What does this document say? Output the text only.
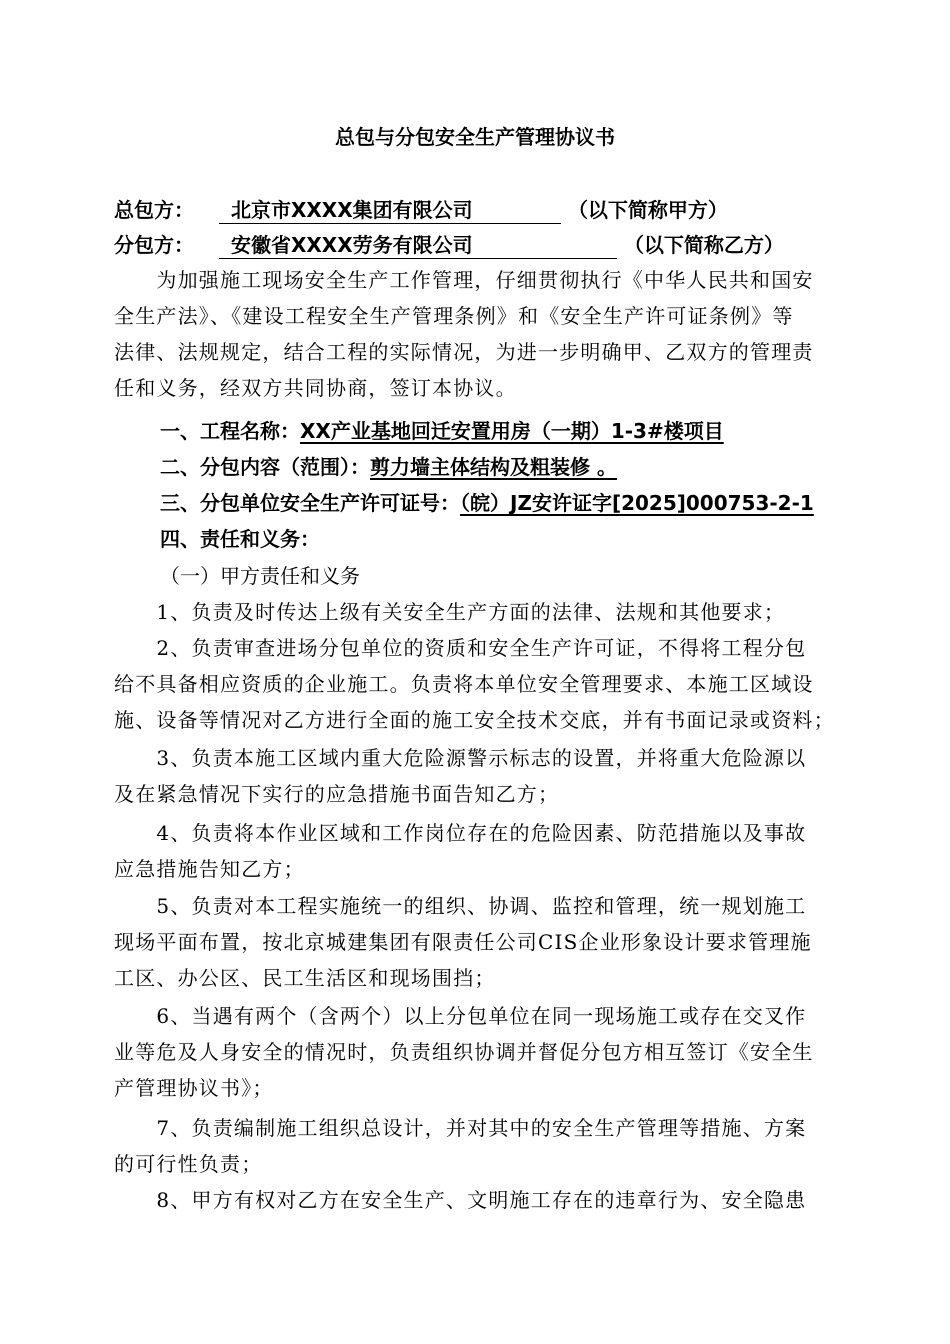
总包与分包安全生产管理协议书
总包方： 北京市XXXX集团有限公司	（以下简称甲方）
分包方： 安徽省XXXX劳务有限公司	（以下简称乙方）
　　为加强施工现场安全生产工作管理，仔细贯彻执行《中华人民共和国安
全生产法》、《建设工程安全生产管理条例》和《安全生产许可证条例》等
法律、法规规定，结合工程的实际情况，为进一步明确甲、乙双方的管理责
任和义务，经双方共同协商，签订本协议。
一、工程名称：XX产业基地回迁安置用房（一期）1-3#楼项目
二、分包内容（范围）：剪力墙主体结构及粗装修 。
三、分包单位安全生产许可证号：（皖）JZ安许证字[2025]000753-2-1
四、责任和义务：
（一）甲方责任和义务
　　1、负责及时传达上级有关安全生产方面的法律、法规和其他要求；
　　2、负责审查进场分包单位的资质和安全生产许可证，不得将工程分包
给不具备相应资质的企业施工。负责将本单位安全管理要求、本施工区域设
施、设备等情况对乙方进行全面的施工安全技术交底，并有书面记录或资料；
　　3、负责本施工区域内重大危险源警示标志的设置，并将重大危险源以
及在紧急情况下实行的应急措施书面告知乙方；
　　4、负责将本作业区域和工作岗位存在的危险因素、防范措施以及事故
应急措施告知乙方；
　　5、负责对本工程实施统一的组织、协调、监控和管理，统一规划施工
现场平面布置，按北京城建集团有限责任公司CIS企业形象设计要求管理施
工区、办公区、民工生活区和现场围挡；
　　6、当遇有两个（含两个）以上分包单位在同一现场施工或存在交叉作
业等危及人身安全的情况时，负责组织协调并督促分包方相互签订《安全生
产管理协议书》；
　　7、负责编制施工组织总设计，并对其中的安全生产管理等措施、方案
的可行性负责；
　　8、甲方有权对乙方在安全生产、文明施工存在的违章行为、安全隐患
